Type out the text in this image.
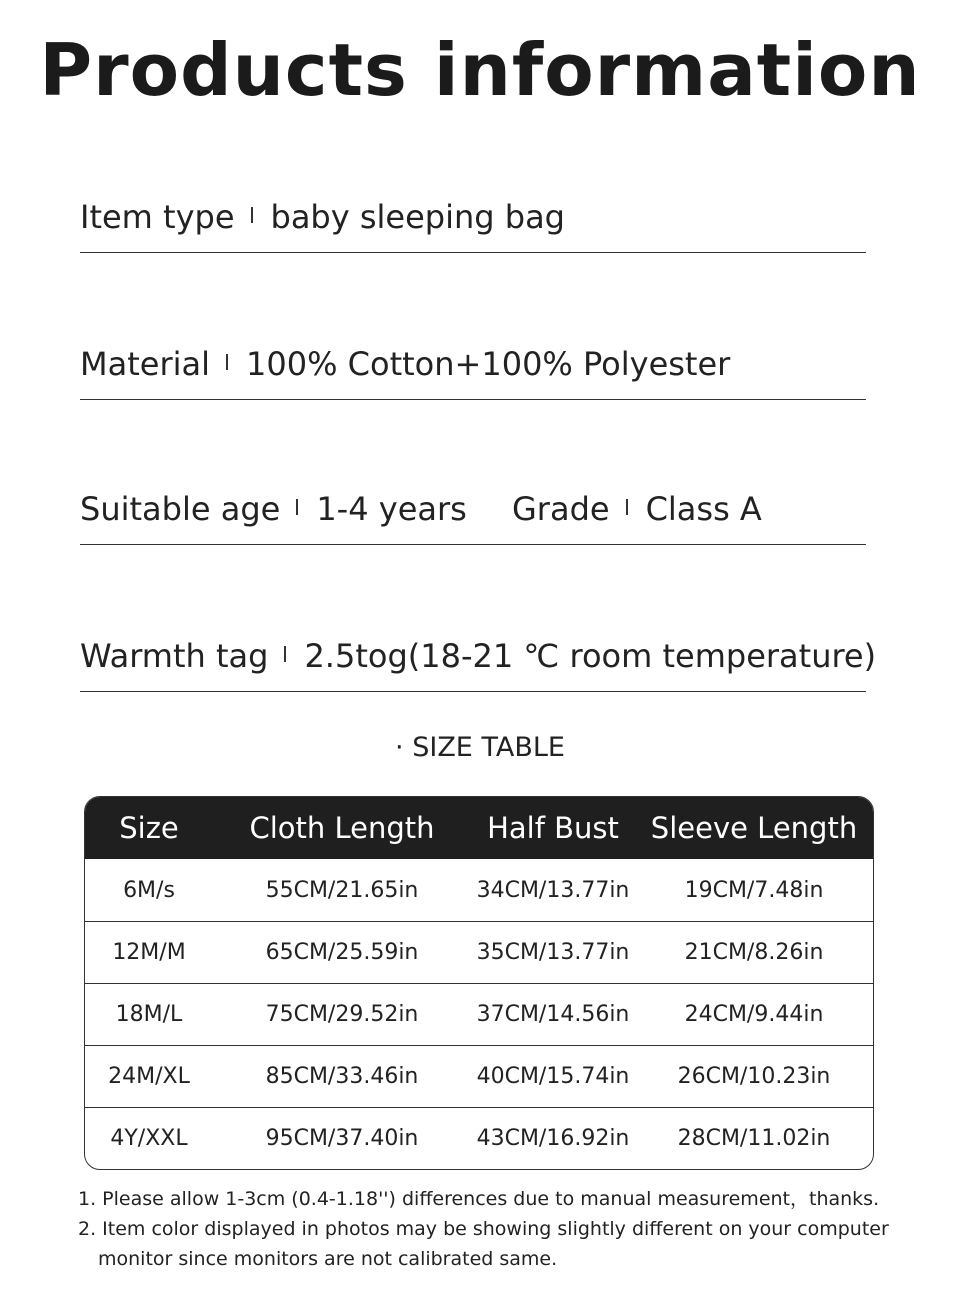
Products information
Item type baby sleeping bag
Material 100% Cotton+100% Polyester
Suitable age 1-4 years Grade Class A
Warmth tag 2.5tog(18-21 ℃ room temperature)
· SIZE TABLE
Size	Cloth Length	Half Bust	Sleeve Length
6M/s	55CM/21.65in	34CM/13.77in	19CM/7.48in
12M/M	65CM/25.59in	35CM/13.77in	21CM/8.26in
18M/L	75CM/29.52in	37CM/14.56in	24CM/9.44in
24M/XL	85CM/33.46in	40CM/15.74in	26CM/10.23in
4Y/XXL	95CM/37.40in	43CM/16.92in	28CM/11.02in
1. Please allow 1-3cm (0.4-1.18'') differences due to manual measurement，thanks.
2. Item color displayed in photos may be showing slightly different on your computer
monitor since monitors are not calibrated same.
